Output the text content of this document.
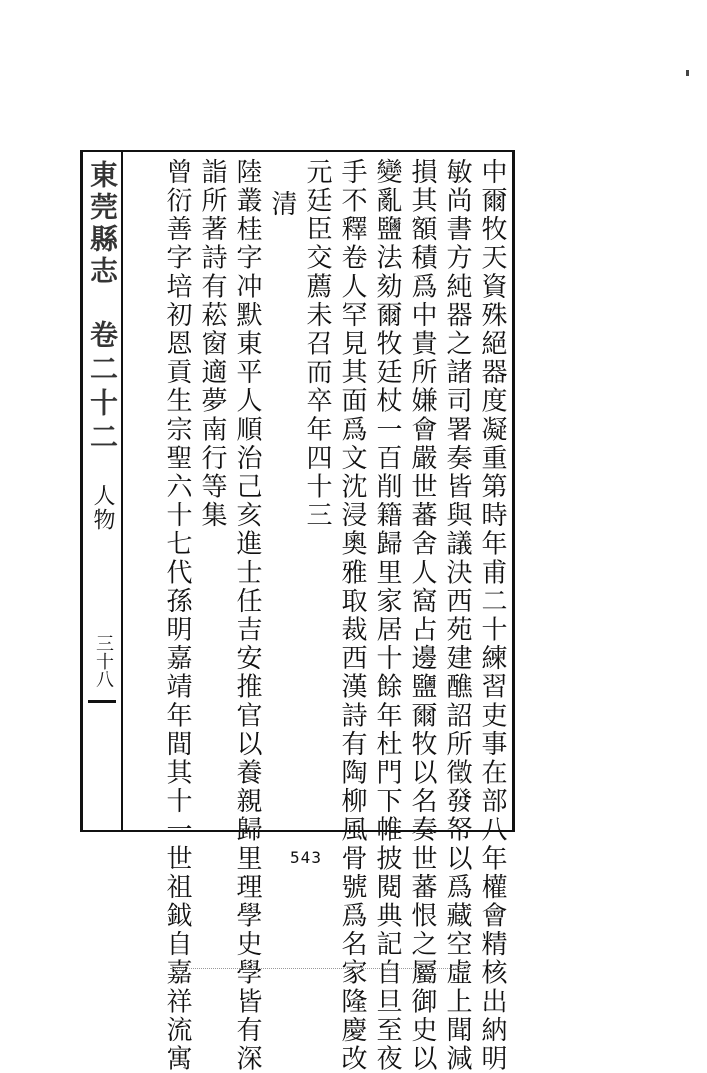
東莞縣志
卷二十二
人物
三十八	中爾牧天資殊絕器度凝重第時年甫二十練習吏事在部八年權會精核出納明
敏尚書方純器之諸司署奏皆與議決西苑建醮詔所徵發帑以爲藏空虛上聞減
損其額積爲中貴所嫌會嚴世蕃舍人窩占邊鹽爾牧以名奏世蕃恨之屬御史以
變亂鹽法劾爾牧廷杖一百削籍歸里家居十餘年杜門下帷披閱典記自旦至夜
手不釋卷人罕見其面爲文沈浸奧雅取裁西漢詩有陶柳風骨號爲名家隆慶改
元廷臣交薦未召而卒年四十三
清
陸叢桂字冲默東平人順治己亥進士任吉安推官以養親歸里理學史學皆有深
詣所著詩有菘窗適夢南行等集
曾衍善字培初恩貢生宗聖六十七代孫明嘉靖年間其十一世祖鉞自嘉祥流寓	543
